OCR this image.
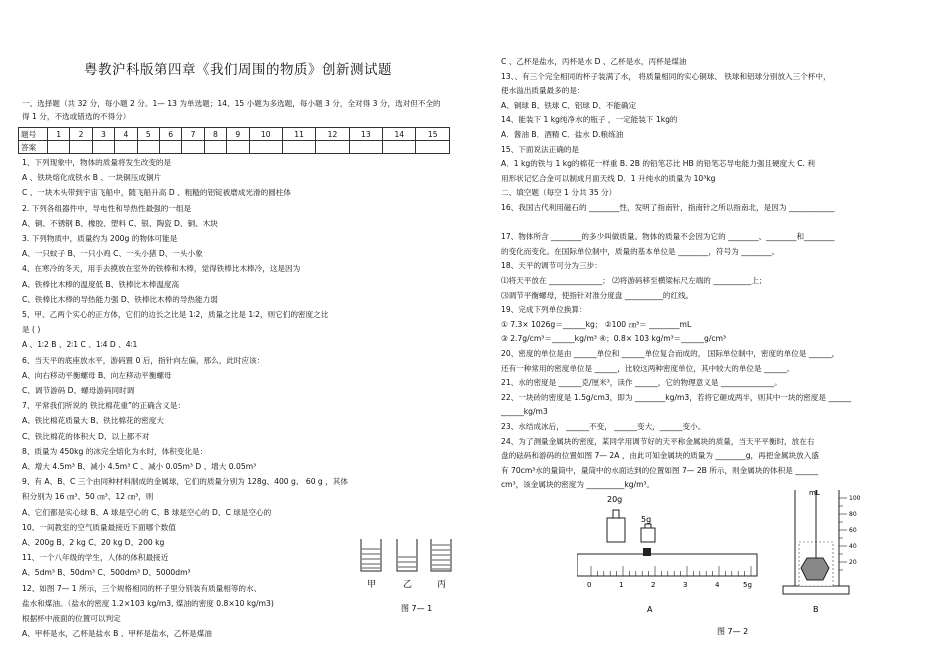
粤教沪科版第四章《我们周围的物质》创新测试题
一、选择题（共 32 分，每小题 2 分。1— 13 为单选题；14、15 小题为多选题，每小题 3 分，全对得 3 分，选对但不全的得 1 分，不选或错选的不得分）
题号	1	2	3	4	5	6	7	8	9	10	11	12	13	14	15
答案															
1、下列现象中，物体的质量将发生改变的是
A 、铁块熔化成铁水 B 、一块铜压成铜片
C 、一块木头带到宇宙飞船中，随飞船升高 D 、粗糙的铝锭被磨成光滑的圆柱体
2. 下列各组器件中，导电性和导热性最强的一组是
A、铜、不锈钢 B、橡胶、塑料 C、银、陶瓷 D、铜、木块
3. 下列物质中，质量约为 200g 的物体可能是
A、一只蚊子 B、一只小鸡 C、一头小猪 D、一头小象
4、在寒冷的冬天，用手去摸放在室外的铁棒和木棒，觉得铁棒比木棒冷，这是因为
A、铁棒比木棒的温度低 B、铁棒比木棒温度高
C、铁棒比木棒的导热能力强 D、铁棒比木棒的导热能力弱
5、甲、乙两个实心的正方体，它们的边长之比是 1∶2，质量之比是 1∶2，则它们的密度之比
是 ( )
A 、1∶2 B 、2∶1 C 、1∶4 D 、4∶1
6、当天平的底座放水平，游码置 0 后，指针向左偏，那么，此时应该：
A、向右移动平衡螺母 B、向左移动平衡螺母
C、调节游码 D、螺母游码同时调
7、平常我们所说的 铁比棉花重”的正确含义是：
A、铁比棉花质量大 B、铁比棉花的密度大
C、铁比棉花的体积大 D、以上都不对
8、质量为 450kg 的冰完全熔化为水时，体积变化是：
A、增大 4.5m³ B、减小 4.5m³ C 、减小 0.05m³ D 、增大 0.05m³
9、有 A、B、C 三个由同种材料制成的金属球，它们的质量分别为 128g、400 g、 60 g ，其体
积分别为 16 ㎝³、50 ㎝³、12 ㎝³，则
A、它们都是实心球 B、A 球是空心的 C、B 球是空心的 D、C 球是空心的
10、一间教室的空气质量最接近下面哪个数值
A、200g B、2 kg C、20 kg D、200 kg
11、一个八年级的学生，人体的体积最接近
A、5dm³ B、50dm³ C、500dm³ D、5000dm³
12、如图 7— 1 所示，三个规格相同的杯子里分别装有质量相等的水、
盐水和煤油。（盐水的密度 1.2×103 kg/m3, 煤油的密度 0.8×10 kg/m3)
根据杯中液面的位置可以判定
A、甲杯是水，乙杯是盐水 B 、甲杯是盐水，乙杯是煤油
甲	乙	丙
图 7— 1
C 、乙杯是盐水，丙杯是水 D 、乙杯是水，丙杯是煤油
13、、有三个完全相同的杯子装满了水， 将质量相同的实心铜球、 铁球和铝球分别放入三个杯中，
使水溢出质量最多的是：
A、铜球 B、铁球 C、铝球 D、不能确定
14、能装下 1 kg纯净水的瓶子 ，一定能装下 1kg的
A．酱油 B．酒精 C．盐水 D.粮练油
15、下面说法正确的是
A．1 kg的铁与 1 kg的棉花一样重 B. 2B 的铅笔芯比 HB 的铅笔芯导电能力强且硬度大 C. 利
用形状记忆合金可以制成月面天线 D．1 升纯水的质量为 10³kg
二、填空题（每空 1 分共 35 分）
16、我国古代利用磁石的 ________性，发明了指南针，指南针之所以指南北，是因为 ____________
17、物体所含 ________的多少叫做质量。物体的质量不会因为它的 ________、________和________
的变化而变化。在国际单位制中，质量的基本单位是 ________，符号为 ________。
18、天平的调节可分为三步：
⑴将天平放在 ______________； ⑵将游码移至横梁标尺左端的 __________上；
⑶调节平衡螺母，使指针对准分度盘 __________的红线。
19、完成下列单位换算：
① 7.3× 1026g＝______kg； ②100 ㎝³＝ ________mL
③ 2.7g/cm³＝______kg/m³ ④；0.8× 103 kg/m³＝______g/cm³
20、密度的单位是由 ______单位和 ______单位复合而成的， 国际单位制中，密度的单位是 ______，
还有一种常用的密度单位是 ______，比较这两种密度单位，其中较大的单位是 ______。
21、水的密度是 ______克/厘米³，读作 ______，它的物理意义是 ______________。
22、一块砖的密度是 1.5g/cm3，即为 ________kg/m3，若将它砸成两半，则其中一块的密度是 ______
______kg/m3
23、水结成冰后， ______不变， ______变大，______变小。
24、为了测量金属块的密度，某同学用调节好的天平称金属块的质量，当天平平衡时，放在右
盘的砝码和游码的位置如图 7— 2A ，由此可知金属块的质量为 ________g，再把金属块放入盛
有 70cm³水的量筒中，量筒中的水面达到的位置如图 7— 2B 所示，则金属块的体积是 ______
cm³，该金属块的密度为 __________kg/m³。
20g
5g
0	1	2	3	4	5g
A
mL
100
80
60
40
20
B
图 7— 2
